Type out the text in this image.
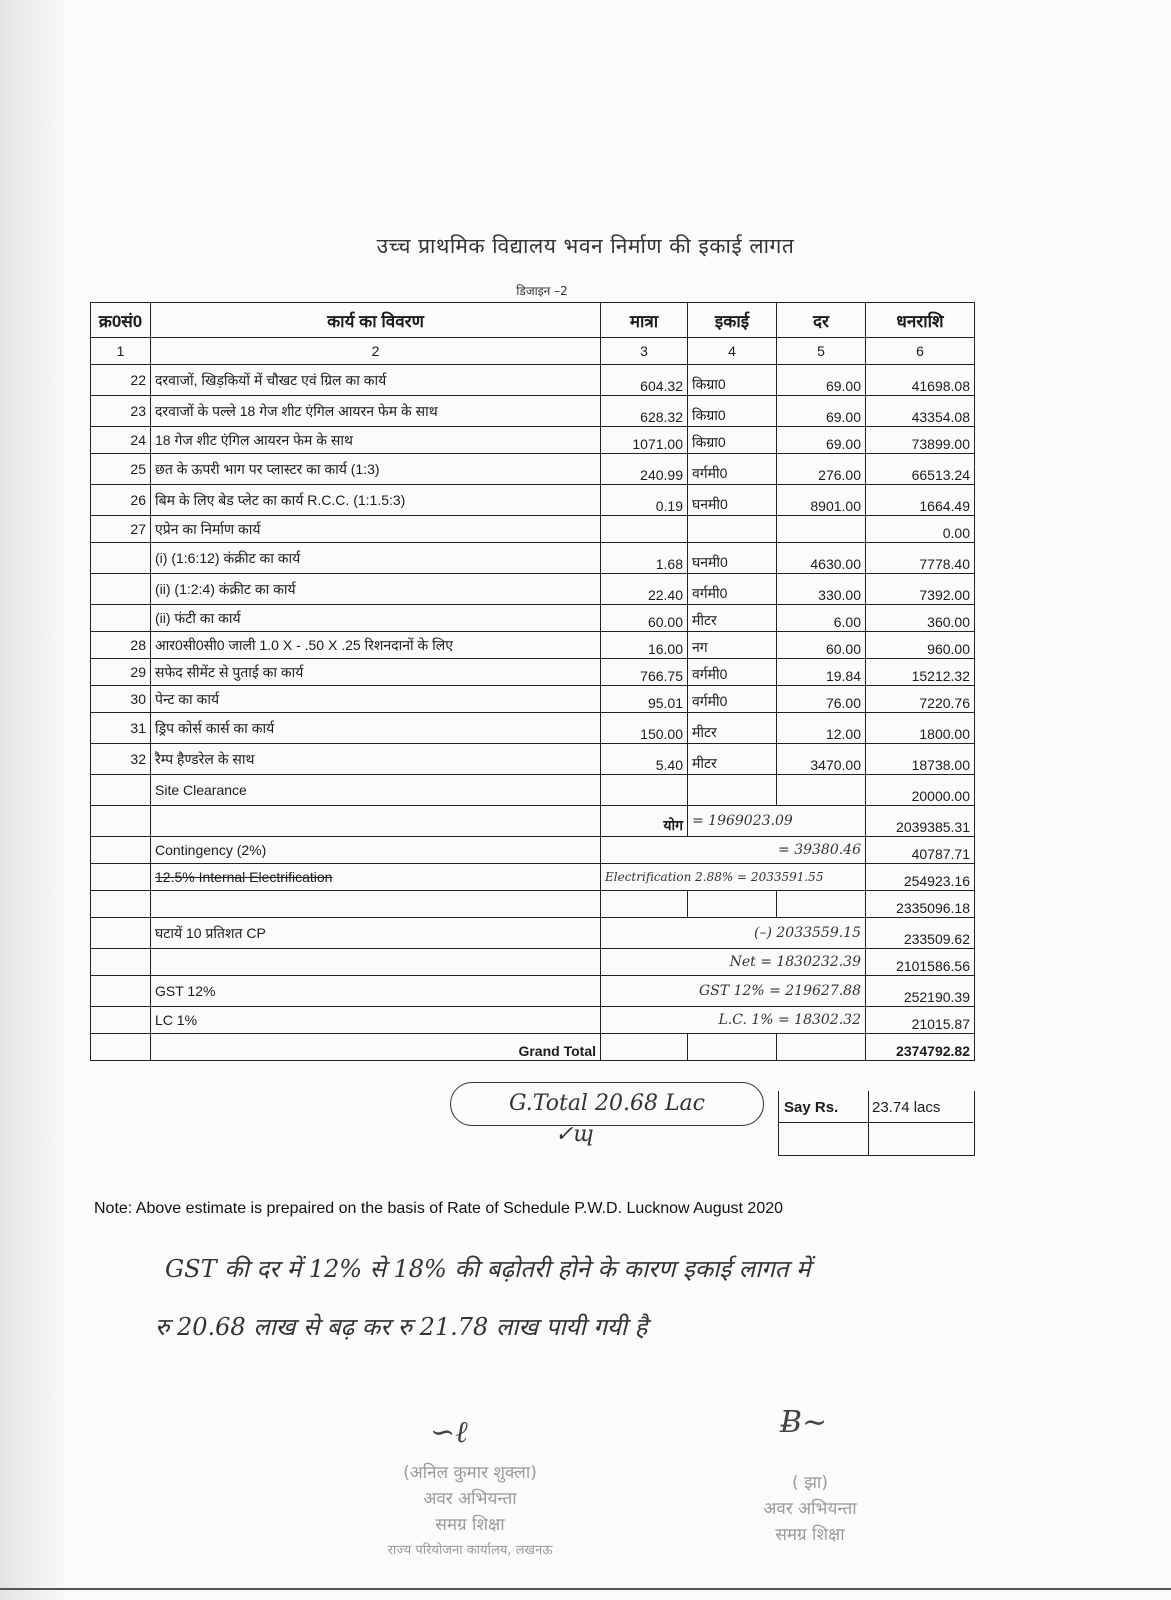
उच्च प्राथमिक विद्यालय भवन निर्माण की इकाई लागत
डिजाइन –2
क्र0सं0	कार्य का विवरण	मात्रा	इकाई	दर	धनराशि
1	2	3	4	5	6
22	दरवाजों, खिड़कियों में चौखट एवं ग्रिल का कार्य	604.32	किग्रा0	69.00	41698.08
23	दरवाजों के पल्ले 18 गेज शीट एंगिल आयरन फेम के साथ	628.32	किग्रा0	69.00	43354.08
24	18 गेज शीट एंगिल आयरन फेम के साथ	1071.00	किग्रा0	69.00	73899.00
25	छत के ऊपरी भाग पर प्लास्टर का कार्य (1:3)	240.99	वर्गमी0	276.00	66513.24
26	बिम के लिए बेड प्लेट का कार्य R.C.C. (1:1.5:3)	0.19	घनमी0	8901.00	1664.49
27	एप्रेन का निर्माण कार्य				0.00
	(i) (1:6:12) कंक्रीट का कार्य	1.68	घनमी0	4630.00	7778.40
	(ii) (1:2:4) कंक्रीट का कार्य	22.40	वर्गमी0	330.00	7392.00
	(ii) फंटी का कार्य	60.00	मीटर	6.00	360.00
28	आर0सी0सी0 जाली 1.0 X - .50 X .25 रिशनदानों के लिए	16.00	नग	60.00	960.00
29	सफेद सीमेंट से पुताई का कार्य	766.75	वर्गमी0	19.84	15212.32
30	पेन्ट का कार्य	95.01	वर्गमी0	76.00	7220.76
31	ड्रिप कोर्स कार्स का कार्य	150.00	मीटर	12.00	1800.00
32	रैम्प हैण्डरेल के साथ	5.40	मीटर	3470.00	18738.00
	Site Clearance				20000.00
		योग	= 1969023.09		2039385.31
	Contingency (2%)	= 39380.46			40787.71
	12.5% Internal Electrification	Electrification 2.88% = 2033591.55			254923.16
					2335096.18
	घटायें 10 प्रतिशत CP	(–) 2033559.15			233509.62
		Net = 1830232.39			2101586.56
	GST 12%	GST 12% = 219627.88			252190.39
	LC 1%	L.C. 1% = 18302.32			21015.87
	Grand Total				2374792.82
G.Total 20.68 Lac	Say Rs. 23.74 lacs
✓ɰ
Note: Above estimate is prepaired on the basis of Rate of Schedule P.W.D. Lucknow August 2020
GST की दर में 12% से 18% की बढ़ोतरी होने के कारण इकाई लागत में
रु 20.68 लाख से बढ़ कर रु 21.78 लाख पायी गयी है
∽ℓ	Ƀ∼
(अनिल कुमार शुक्ला)
अवर अभियन्ता
समग्र शिक्षा
राज्य परियोजना कार्यालय, लखनऊ
( झा)
अवर अभियन्ता
समग्र शिक्षा
